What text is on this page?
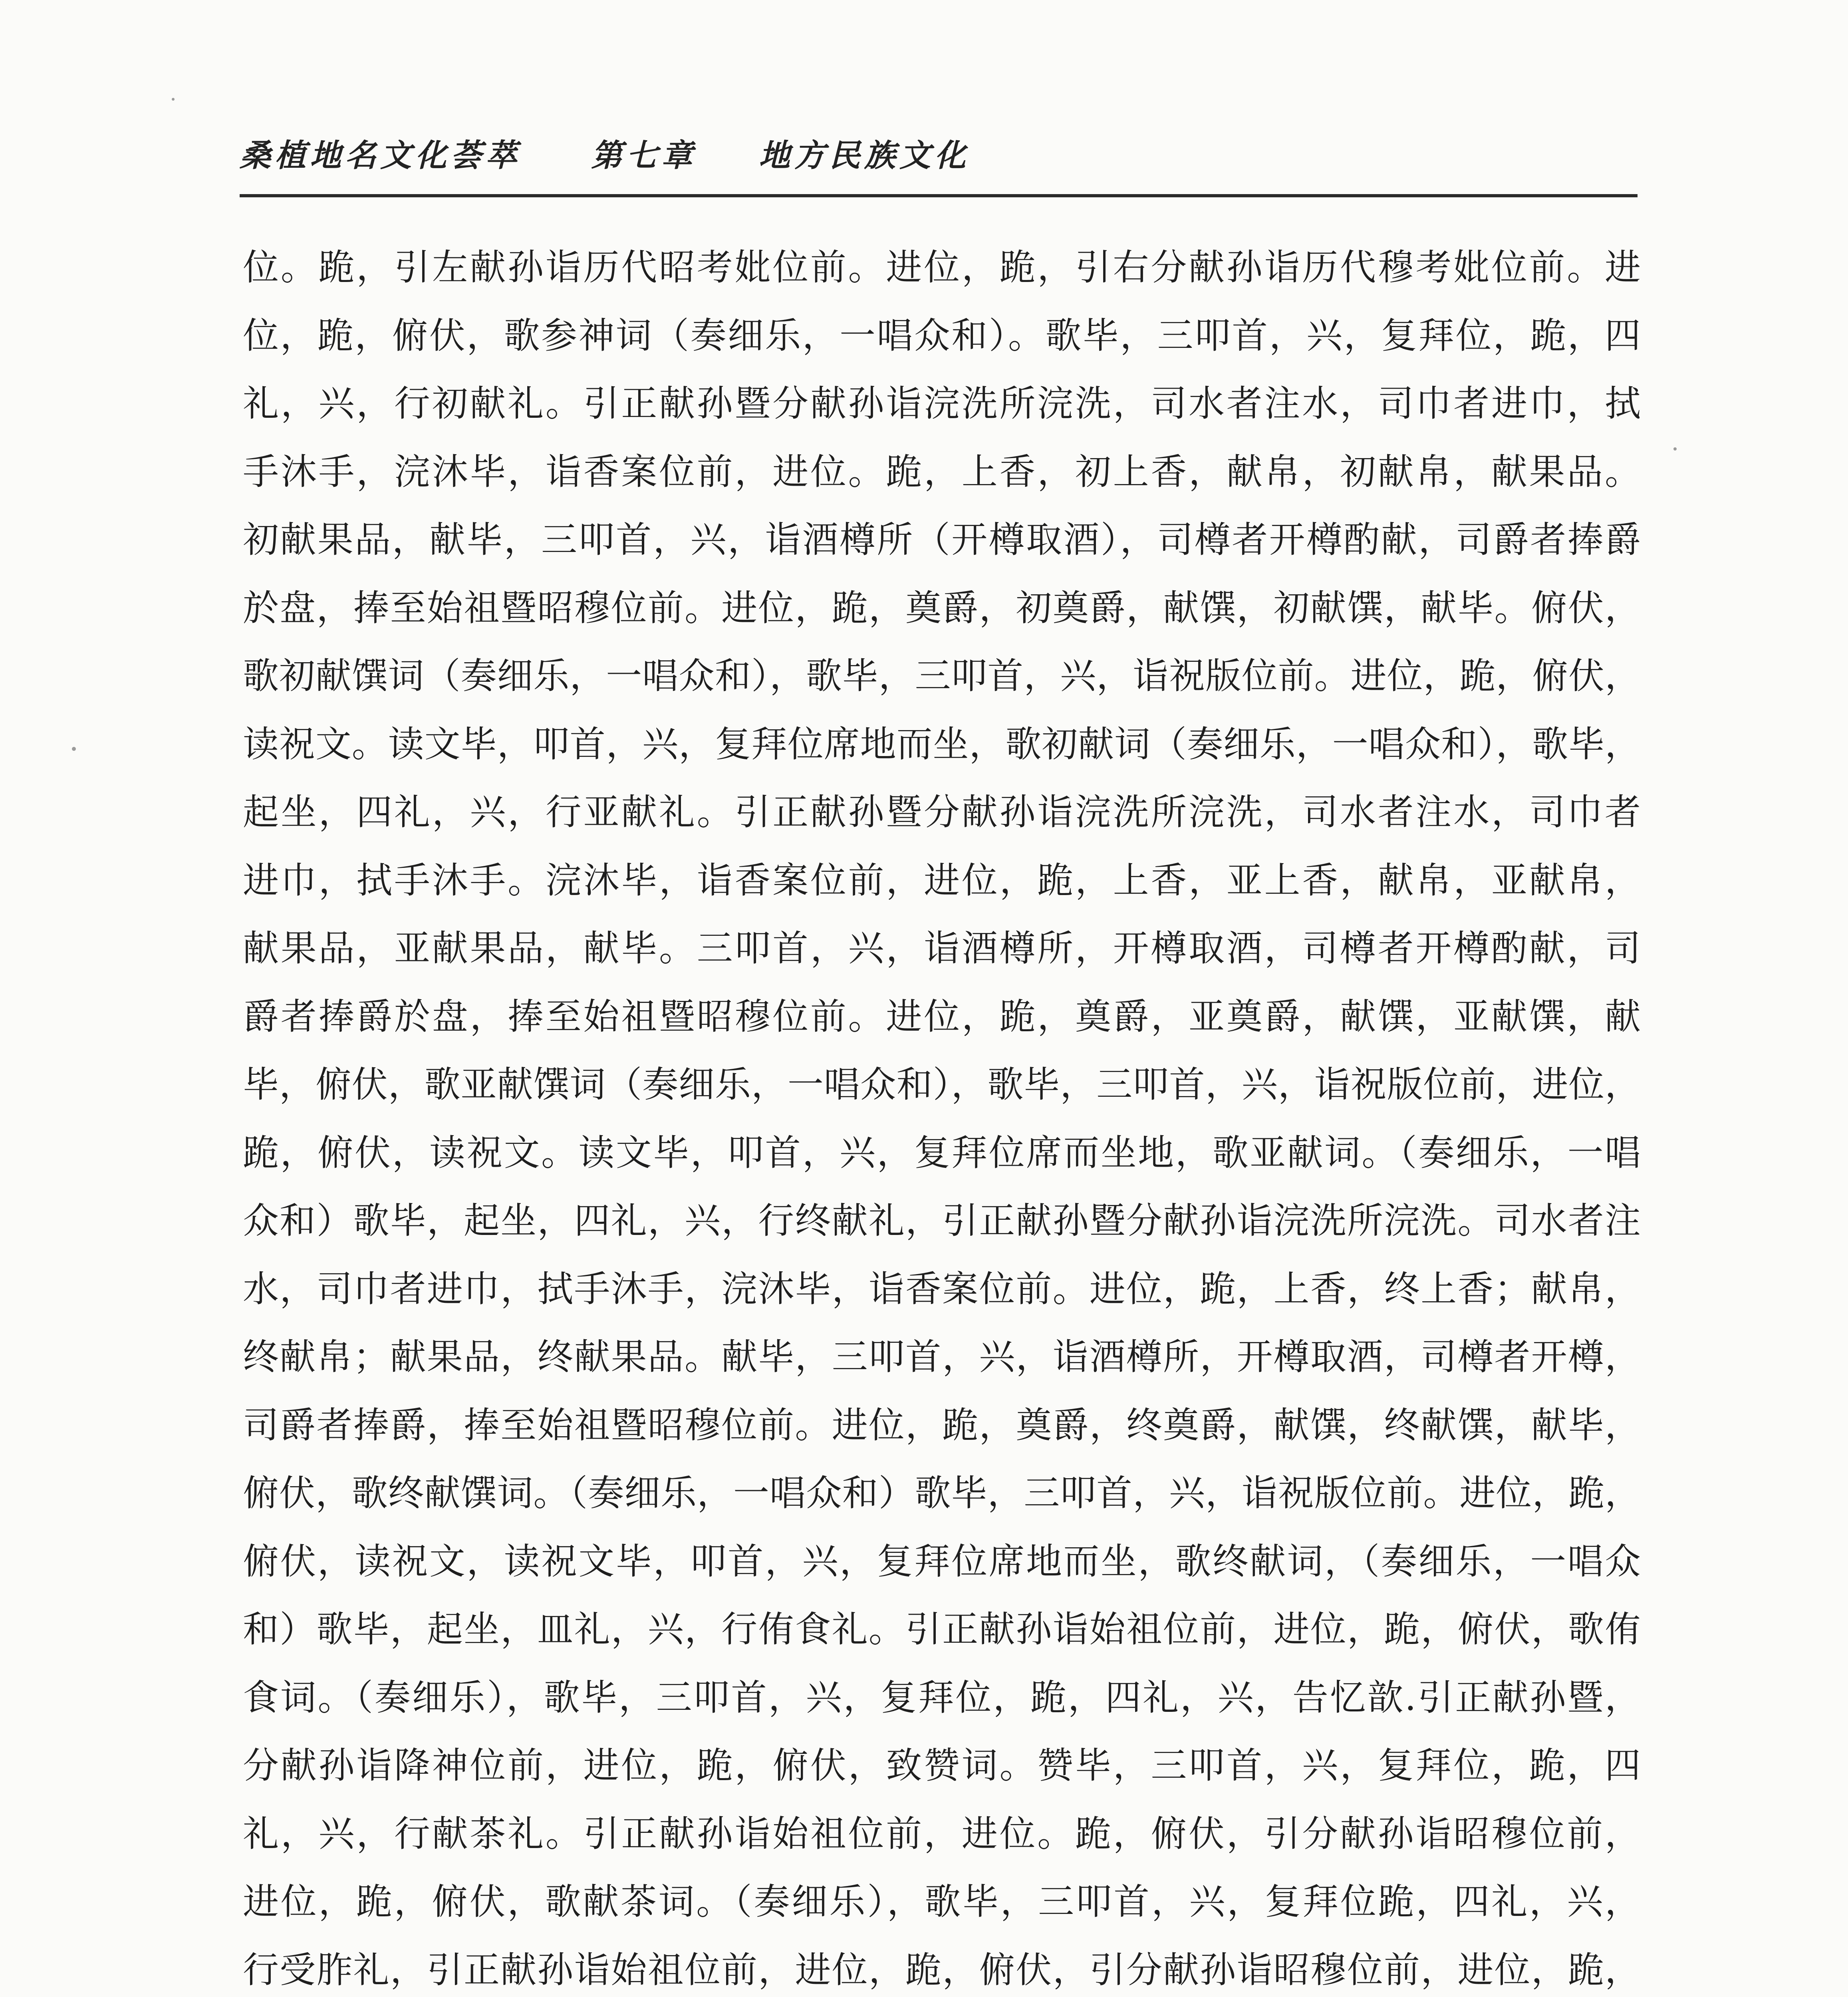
桑植地名文化荟萃 第七章 地方民族文化
位。跪，引左献孙诣历代昭考妣位前。进位，跪，引右分献孙诣历代穆考妣位前。进
位，跪，俯伏，歌参神词（奏细乐，一唱众和）。歌毕，三叩首，兴，复拜位，跪，四
礼，兴，行初献礼。引正献孙暨分献孙诣浣洗所浣洗，司水者注水，司巾者进巾，拭
手沐手，浣沐毕，诣香案位前，进位。跪，上香，初上香，献帛，初献帛，献果品。
初献果品，献毕，三叩首，兴，诣酒樽所（开樽取酒），司樽者开樽酌献，司爵者捧爵
於盘，捧至始祖暨昭穆位前。进位，跪，奠爵，初奠爵，献馔，初献馔，献毕。俯伏，
歌初献馔词（奏细乐，一唱众和），歌毕，三叩首，兴，诣祝版位前。进位，跪，俯伏，
读祝文。读文毕，叩首，兴，复拜位席地而坐，歌初献词（奏细乐，一唱众和），歌毕，
起坐，四礼，兴，行亚献礼。引正献孙暨分献孙诣浣洗所浣洗，司水者注水，司巾者
进巾，拭手沐手。浣沐毕，诣香案位前，进位，跪，上香，亚上香，献帛，亚献帛，
献果品，亚献果品，献毕。三叩首，兴，诣酒樽所，开樽取酒，司樽者开樽酌献，司
爵者捧爵於盘，捧至始祖暨昭穆位前。进位，跪，奠爵，亚奠爵，献馔，亚献馔，献
毕，俯伏，歌亚献馔词（奏细乐，一唱众和），歌毕，三叩首，兴，诣祝版位前，进位，
跪，俯伏，读祝文。读文毕，叩首，兴，复拜位席而坐地，歌亚献词。（奏细乐，一唱
众和）歌毕，起坐，四礼，兴，行终献礼，引正献孙暨分献孙诣浣洗所浣洗。司水者注
水，司巾者进巾，拭手沐手，浣沐毕，诣香案位前。进位，跪，上香，终上香；献帛，
终献帛；献果品，终献果品。献毕，三叩首，兴，诣酒樽所，开樽取酒，司樽者开樽，
司爵者捧爵，捧至始祖暨昭穆位前。进位，跪，奠爵，终奠爵，献馔，终献馔，献毕，
俯伏，歌终献馔词。（奏细乐，一唱众和）歌毕，三叩首，兴，诣祝版位前。进位，跪，
俯伏，读祝文，读祝文毕，叩首，兴，复拜位席地而坐，歌终献词，（奏细乐，一唱众
和）歌毕，起坐，皿礼，兴，行侑食礼。引正献孙诣始祖位前，进位，跪，俯伏，歌侑
食词。（奏细乐），歌毕，三叩首，兴，复拜位，跪，四礼，兴，告忆歆.引正献孙暨，
分献孙诣降神位前，进位，跪，俯伏，致赞词。赞毕，三叩首，兴，复拜位，跪，四
礼，兴，行献茶礼。引正献孙诣始祖位前，进位。跪，俯伏，引分献孙诣昭穆位前，
进位，跪，俯伏，歌献茶词。（奏细乐），歌毕，三叩首，兴，复拜位跪，四礼，兴，
行受胙礼，引正献孙诣始祖位前，进位，跪，俯伏，引分献孙诣昭穆位前，进位，跪，
